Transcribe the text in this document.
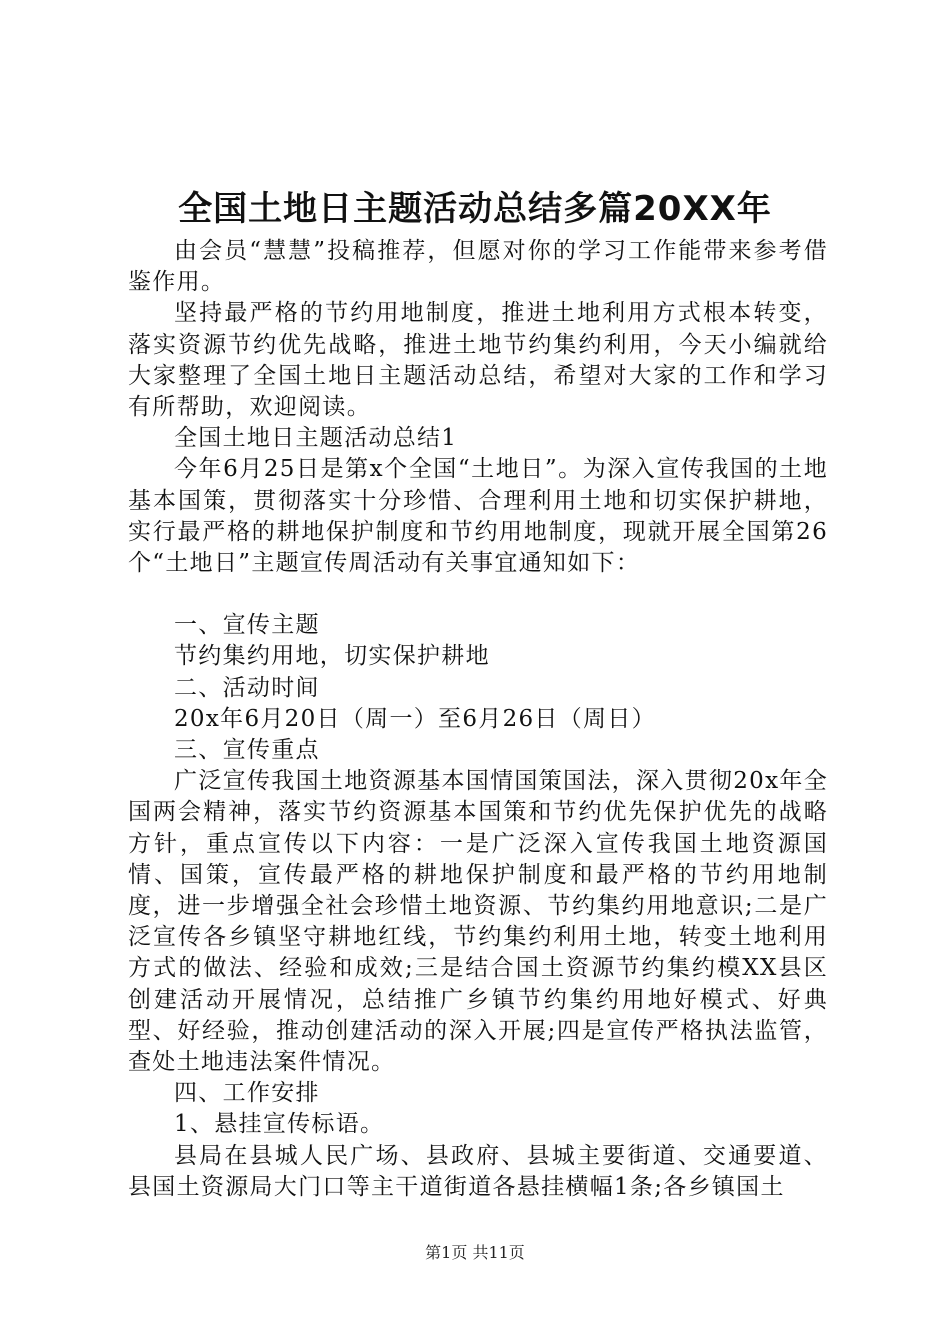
全国土地日主题活动总结多篇20XX年

由会员“慧慧”投稿推荐，但愿对你的学习工作能带来参考借鉴作用。

坚持最严格的节约用地制度，推进土地利用方式根本转变，落实资源节约优先战略，推进土地节约集约利用，今天小编就给大家整理了全国土地日主题活动总结，希望对大家的工作和学习有所帮助，欢迎阅读。

全国土地日主题活动总结1

今年6月25日是第x个全国“土地日”。为深入宣传我国的土地基本国策，贯彻落实十分珍惜、合理利用土地和切实保护耕地，实行最严格的耕地保护制度和节约用地制度，现就开展全国第26个“土地日”主题宣传周活动有关事宜通知如下：

一、宣传主题

节约集约用地，切实保护耕地

二、活动时间

20x年6月20日（周一）至6月26日（周日）

三、宣传重点

广泛宣传我国土地资源基本国情国策国法，深入贯彻20x年全国两会精神，落实节约资源基本国策和节约优先保护优先的战略方针，重点宣传以下内容：一是广泛深入宣传我国土地资源国情、国策，宣传最严格的耕地保护制度和最严格的节约用地制度，进一步增强全社会珍惜土地资源、节约集约用地意识;二是广泛宣传各乡镇坚守耕地红线，节约集约利用土地，转变土地利用方式的做法、经验和成效;三是结合国土资源节约集约模XX县区创建活动开展情况，总结推广乡镇节约集约用地好模式、好典型、好经验，推动创建活动的深入开展;四是宣传严格执法监管，查处土地违法案件情况。

四、工作安排

1、悬挂宣传标语。

县局在县城人民广场、县政府、县城主要街道、交通要道、县国土资源局大门口等主干道街道各悬挂横幅1条;各乡镇国土

第1页 共11页
